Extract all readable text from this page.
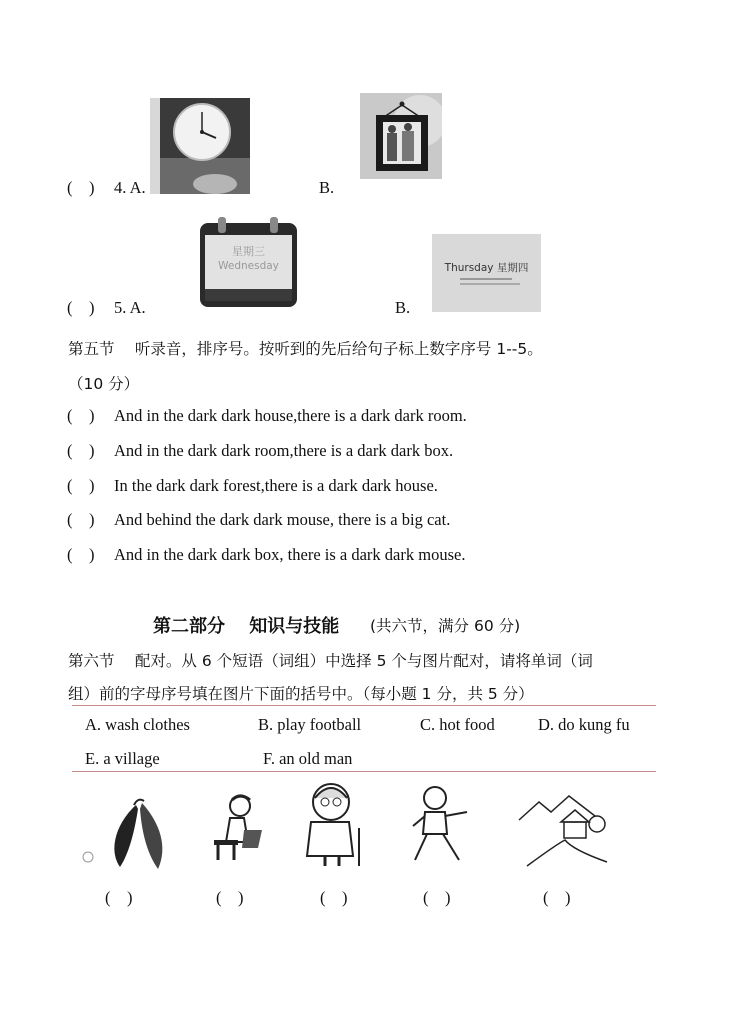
(    ) 4. A.	B.
(    ) 5. A.
星期三
Wednesday
B.
Thursday 星期四
第五节　 听录音，排序号。按听到的先后给句子标上数字序号 1--5。
（10 分）
(    ) And in the dark dark house,there is a dark dark room.
(    ) And in the dark dark room,there is a dark dark box.
(    ) In the dark dark forest,there is a dark dark house.
(    ) And behind the dark dark mouse, there is a big cat.
(    ) And in the dark dark box, there is a dark dark mouse.
第二部分　 知识与技能 (共六节，满分 60 分)
第六节　 配对。从 6 个短语（词组）中选择 5 个与图片配对，请将单词（词
组）前的字母序号填在图片下面的括号中。（每小题 1 分，共 5 分）
A. wash clothes	B. play football	C. hot food	D. do kung fu
E. a village	F. an old man
(    )	(    )	(    )	(    )	(    )
